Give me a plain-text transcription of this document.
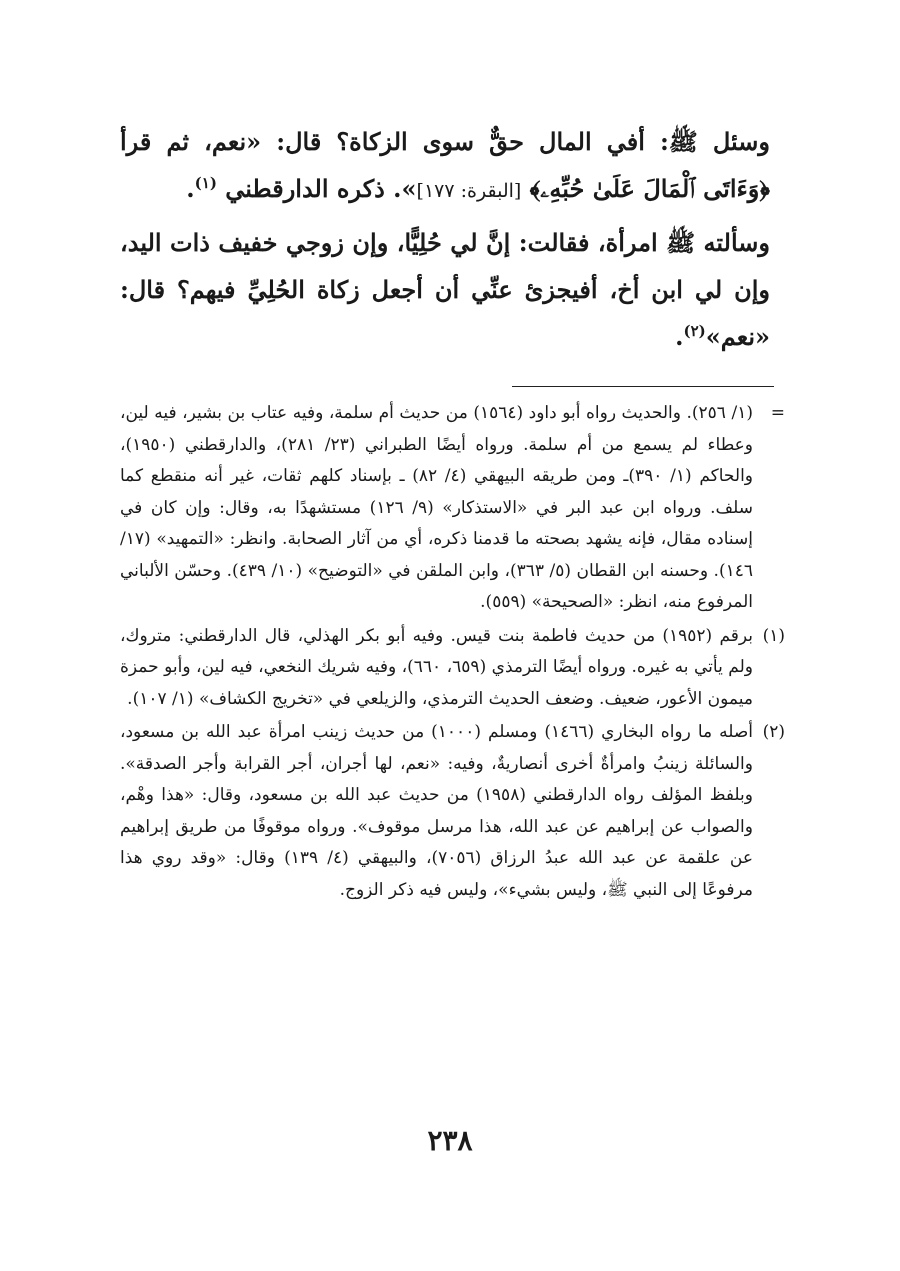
وسئل ﷺ: أفي المال حقٌّ سوى الزكاة؟ قال: «نعم، ثم قرأ ﴿وَءَاتَى ٱلْمَالَ عَلَىٰ حُبِّهِۦ﴾ [البقرة: ١٧٧]». ذكره الدارقطني $^{(١)}$.

وسألته ﷺ امرأة، فقالت: إنَّ لي حُلِيًّا، وإن زوجي خفيف ذات اليد، وإن لي ابن أخ، أفيجزئ عنِّي أن أجعل زكاة الحُلِيِّ فيهم؟ قال: «نعم»$^{(٢)}$.

=
(١/ ٢٥٦). والحديث رواه أبو داود (١٥٦٤) من حديث أم سلمة، وفيه عتاب بن بشير، فيه لين، وعطاء لم يسمع من أم سلمة. ورواه أيضًا الطبراني (٢٣/ ٢٨١)، والدارقطني (١٩٥٠)، والحاكم (١/ ٣٩٠)ـ ومن طريقه البيهقي (٤/ ٨٢) ـ بإسناد كلهم ثقات، غير أنه منقطع كما سلف. ورواه ابن عبد البر في «الاستذكار» (٩/ ١٢٦) مستشهدًا به، وقال: وإن كان في إسناده مقال، فإنه يشهد بصحته ما قدمنا ذكره، أي من آثار الصحابة. وانظر: «التمهيد» (١٧/ ١٤٦). وحسنه ابن القطان (٥/ ٣٦٣)، وابن الملقن في «التوضيح» (١٠/ ٤٣٩). وحسّن الألباني المرفوع منه، انظر: «الصحيحة» (٥٥٩).
(١)
برقم (١٩٥٢) من حديث فاطمة بنت قيس. وفيه أبو بكر الهذلي، قال الدارقطني: متروك، ولم يأتي به غيره. ورواه أيضًا الترمذي (٦٥٩، ٦٦٠)، وفيه شريك النخعي، فيه لين، وأبو حمزة ميمون الأعور، ضعيف. وضعف الحديث الترمذي، والزيلعي في «تخريج الكشاف» (١/ ١٠٧).
(٢)
أصله ما رواه البخاري (١٤٦٦) ومسلم (١٠٠٠) من حديث زينب امرأة عبد الله بن مسعود، والسائلة زينبُ وامرأةٌ أخرى أنصاريةٌ، وفيه: «نعم، لها أجران، أجر القرابة وأجر الصدقة». وبلفظ المؤلف رواه الدارقطني (١٩٥٨) من حديث عبد الله بن مسعود، وقال: «هذا وهْم، والصواب عن إبراهيم عن عبد الله، هذا مرسل موقوف». ورواه موقوفًا من طريق إبراهيم عن علقمة عن عبد الله عبدُ الرزاق (٧٠٥٦)، والبيهقي (٤/ ١٣٩) وقال: «وقد روي هذا مرفوعًا إلى النبي ﷺ، وليس بشيء»، وليس فيه ذكر الزوج.
٢٣٨
